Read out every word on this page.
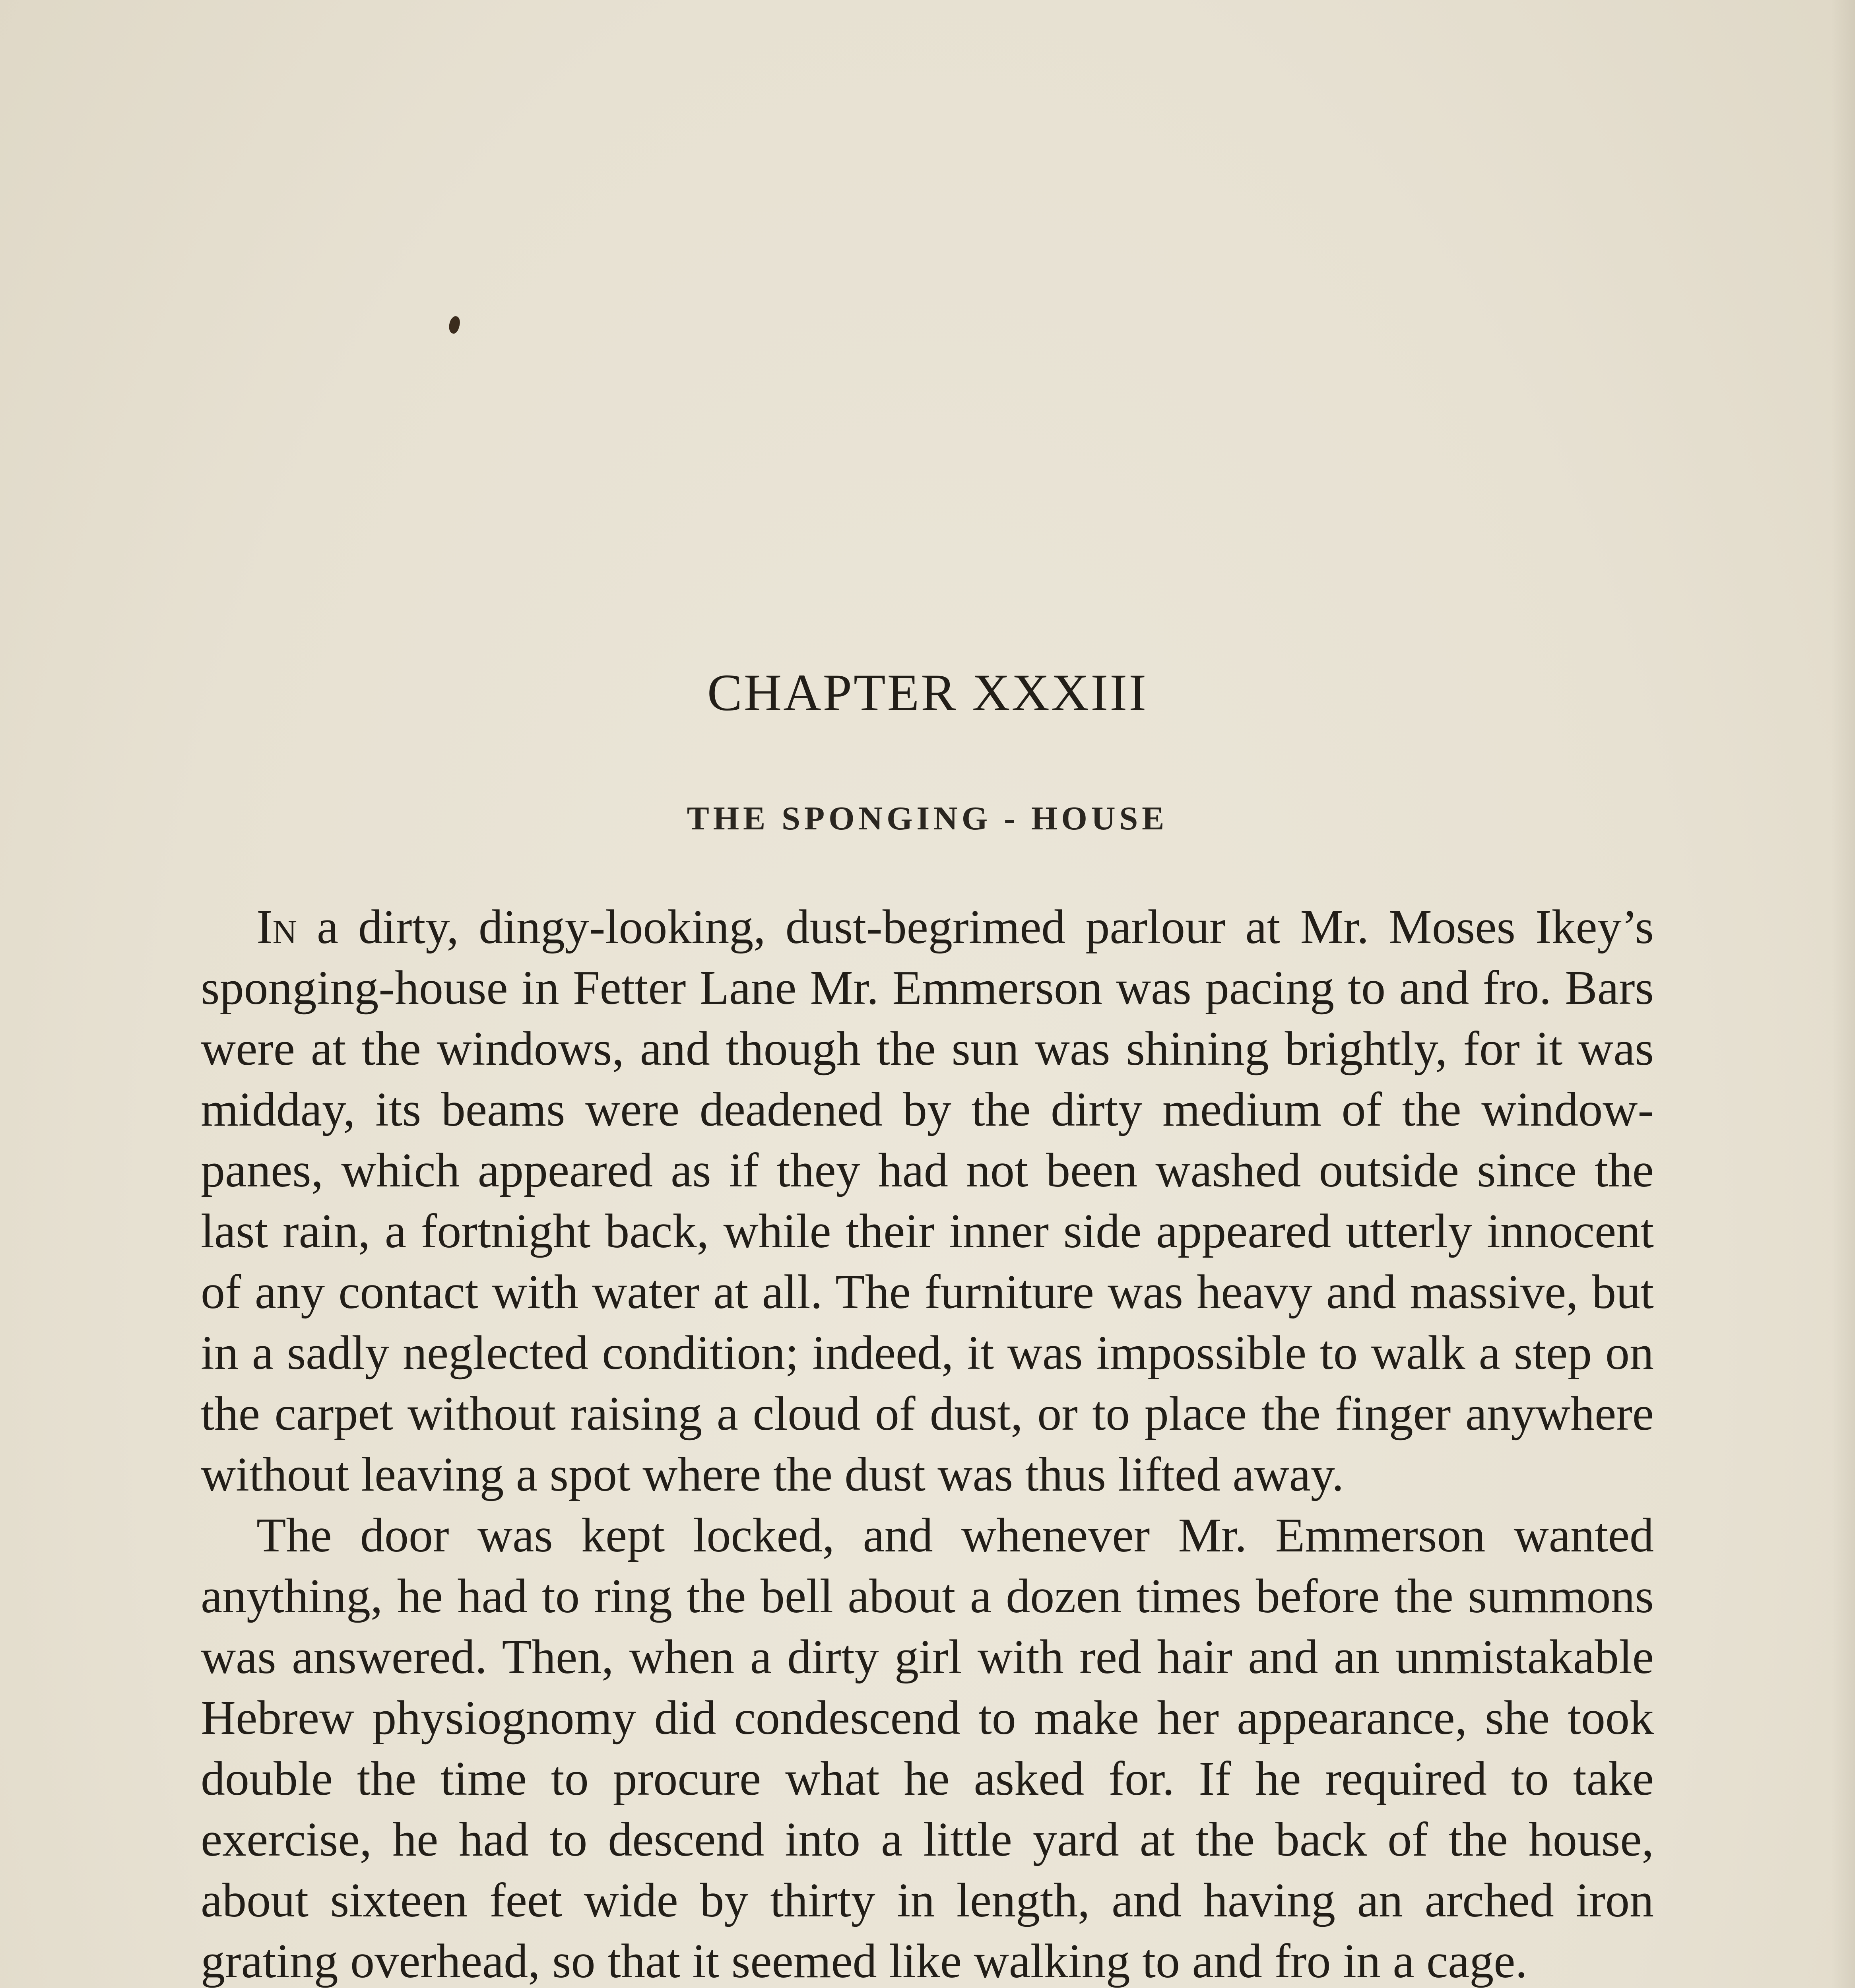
CHAPTER XXXIII
THE SPONGING - HOUSE

In a dirty, dingy-looking, dust-begrimed parlour at Mr. Moses Ikey’s sponging-house in Fetter Lane Mr. Emmerson was pacing to and fro. Bars were at the windows, and though the sun was shining brightly, for it was midday, its beams were deadened by the dirty medium of the window-panes, which appeared as if they had not been washed outside since the last rain, a fortnight back, while their inner side appeared utterly innocent of any contact with water at all. The furniture was heavy and massive, but in a sadly neglected condition; indeed, it was impossible to walk a step on the carpet without raising a cloud of dust, or to place the finger anywhere without leaving a spot where the dust was thus lifted away.

The door was kept locked, and whenever Mr. Emmerson wanted anything, he had to ring the bell about a dozen times before the summons was answered. Then, when a dirty girl with red hair and an unmistakable Hebrew physiognomy did condescend to make her appearance, she took double the time to procure what he asked for. If he required to take exercise, he had to descend into a little yard at the back of the house, about sixteen feet wide by thirty in length, and having an arched iron grating overhead, so that it seemed like walking to and fro in a cage.
